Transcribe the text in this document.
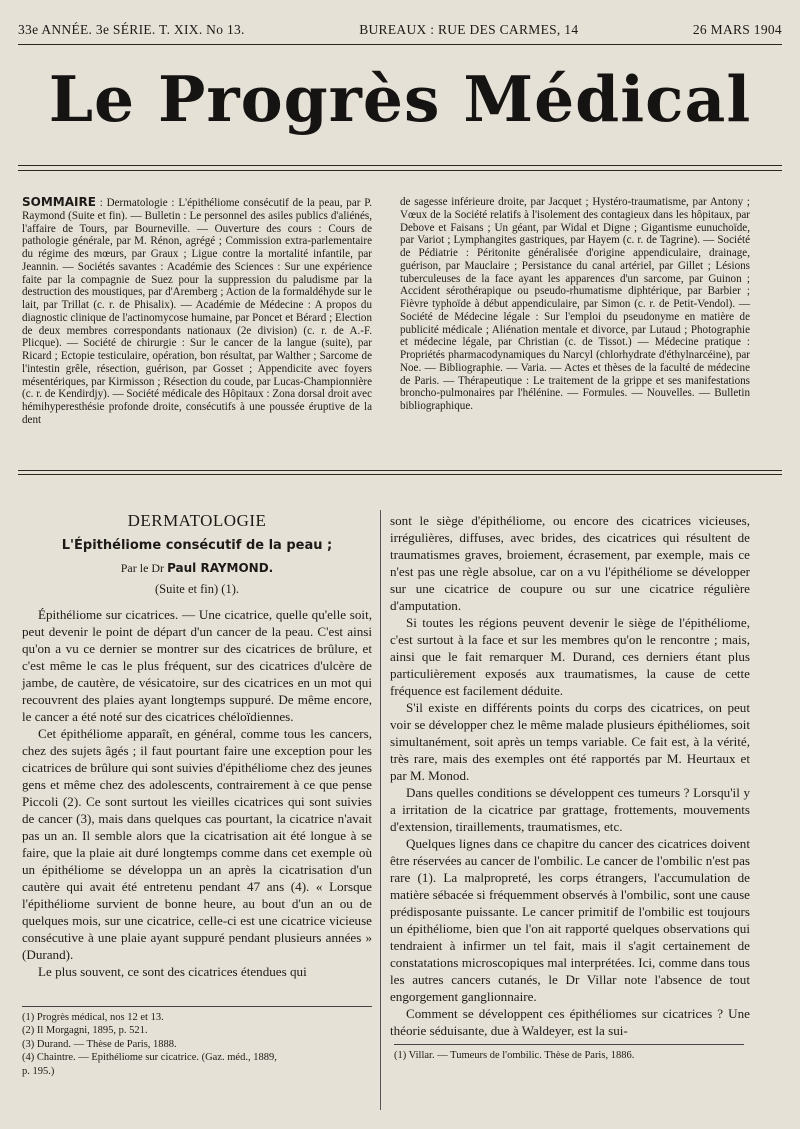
33e ANNÉE. 3e SÉRIE. T. XIX. No 13.	BUREAUX : RUE DES CARMES, 14	26 MARS 1904
Le Progrès Médical
SOMMAIRE : Dermatologie : L'épithéliome consécutif de la peau, par P. Raymond (Suite et fin). — Bulletin : Le personnel des asiles publics d'aliénés, l'affaire de Tours, par Bourneville. — Ouverture des cours : Cours de pathologie générale, par M. Rénon, agrégé ; Commission extra-parlementaire du régime des mœurs, par Graux ; Ligue contre la mortalité infantile, par Jeannin. — Sociétés savantes : Académie des Sciences : Sur une expérience faite par la compagnie de Suez pour la suppression du paludisme par la destruction des moustiques, par d'Aremberg ; Action de la formaldéhyde sur le lait, par Trillat (c. r. de Phisalix). — Académie de Médecine : A propos du diagnostic clinique de l'actinomycose humaine, par Poncet et Bérard ; Election de deux membres correspondants nationaux (2e division) (c. r. de A.-F. Plicque). — Société de chirurgie : Sur le cancer de la langue (suite), par Ricard ; Ectopie testiculaire, opération, bon résultat, par Walther ; Sarcome de l'intestin grêle, résection, guérison, par Gosset ; Appendicite avec foyers mésentériques, par Kirmisson ; Résection du coude, par Lucas-Championnière (c. r. de Kendirdjy). — Société médicale des Hôpitaux : Zona dorsal droit avec hémihyperesthésie profonde droite, consécutifs à une poussée éruptive de la dent
de sagesse inférieure droite, par Jacquet ; Hystéro-traumatisme, par Antony ; Vœux de la Société relatifs à l'isolement des contagieux dans les hôpitaux, par Debove et Faisans ; Un géant, par Widal et Digne ; Gigantisme eunuchoïde, par Variot ; Lymphangites gastriques, par Hayem (c. r. de Tagrine). — Société de Pédiatrie : Péritonite généralisée d'origine appendiculaire, drainage, guérison, par Mauclaire ; Persistance du canal artériel, par Gillet ; Lésions tuberculeuses de la face ayant les apparences d'un sarcome, par Guinon ; Accident sérothérapique ou pseudo-rhumatisme diphtérique, par Barbier ; Fièvre typhoïde à début appendiculaire, par Simon (c. r. de Petit-Vendol). — Société de Médecine légale : Sur l'emploi du pseudonyme en matière de publicité médicale ; Aliénation mentale et divorce, par Lutaud ; Photographie et médecine légale, par Christian (c. de Tissot.) — Médecine pratique : Propriétés pharmacodynamiques du Narcyl (chlorhydrate d'éthylnarcéine), par Noe. — Bibliographie. — Varia. — Actes et thèses de la faculté de médecine de Paris. — Thérapeutique : Le traitement de la grippe et ses manifestations broncho-pulmonaires par l'hélénine. — Formules. — Nouvelles. — Bulletin bibliographique.
DERMATOLOGIE
L'Épithéliome consécutif de la peau ;
Par le Dr Paul RAYMOND.
(Suite et fin) (1).

Épithéliome sur cicatrices. — Une cicatrice, quelle qu'elle soit, peut devenir le point de départ d'un cancer de la peau. C'est ainsi qu'on a vu ce dernier se montrer sur des cicatrices de brûlure, et c'est même le cas le plus fréquent, sur des cicatrices d'ulcère de jambe, de cautère, de vésicatoire, sur des cicatrices en un mot qui recouvrent des plaies ayant longtemps suppuré. De même encore, le cancer a été noté sur des cicatrices chéloïdiennes.

Cet épithéliome apparaît, en général, comme tous les cancers, chez des sujets âgés ; il faut pourtant faire une exception pour les cicatrices de brûlure qui sont suivies d'épithéliome chez des jeunes gens et même chez des adolescents, contrairement à ce que pense Piccoli (2). Ce sont surtout les vieilles cicatrices qui sont suivies de cancer (3), mais dans quelques cas pourtant, la cicatrice n'avait pas un an. Il semble alors que la cicatrisation ait été longue à se faire, que la plaie ait duré longtemps comme dans cet exemple où un épithéliome se développa un an après la cicatrisation d'un cautère qui avait été entretenu pendant 47 ans (4). « Lorsque l'épithéliome survient de bonne heure, au bout d'un an ou de quelques mois, sur une cicatrice, celle-ci est une cicatrice vicieuse consécutive à une plaie ayant suppuré pendant plusieurs années » (Durand).

Le plus souvent, ce sont des cicatrices étendues qui

sont le siège d'épithéliome, ou encore des cicatrices vicieuses, irrégulières, diffuses, avec brides, des cicatrices qui résultent de traumatismes graves, broiement, écrasement, par exemple, mais ce n'est pas une règle absolue, car on a vu l'épithéliome se développer sur une cicatrice de coupure ou sur une cicatrice régulière d'amputation.

Si toutes les régions peuvent devenir le siège de l'épithéliome, c'est surtout à la face et sur les membres qu'on le rencontre ; mais, ainsi que le fait remarquer M. Durand, ces derniers étant plus particulièrement exposés aux traumatismes, la cause de cette fréquence est facilement déduite.

S'il existe en différents points du corps des cicatrices, on peut voir se développer chez le même malade plusieurs épithéliomes, soit simultanément, soit après un temps variable. Ce fait est, à la vérité, très rare, mais des exemples ont été rapportés par M. Heurtaux et par M. Monod.

Dans quelles conditions se développent ces tumeurs ? Lorsqu'il y a irritation de la cicatrice par grattage, frottements, mouvements d'extension, tiraillements, traumatismes, etc.

Quelques lignes dans ce chapitre du cancer des cicatrices doivent être réservées au cancer de l'ombilic. Le cancer de l'ombilic n'est pas rare (1). La malpropreté, les corps étrangers, l'accumulation de matière sébacée si fréquemment observés à l'ombilic, sont une cause prédisposante puissante. Le cancer primitif de l'ombilic est toujours un épithéliome, bien que l'on ait rapporté quelques observations qui tendraient à infirmer un tel fait, mais il s'agit certainement de constatations microscopiques mal interprétées. Ici, comme dans tous les autres cancers cutanés, le Dr Villar note l'absence de tout engorgement ganglionnaire.

Comment se développent ces épithéliomes sur cicatrices ? Une théorie séduisante, due à Waldeyer, est la sui-

(1) Progrès médical, nos 12 et 13.
(2) Il Morgagni, 1895, p. 521.
(3) Durand. — Thèse de Paris, 1888.
(4) Chaintre. — Epithéliome sur cicatrice. (Gaz. méd., 1889,
p. 195.)
(1) Villar. — Tumeurs de l'ombilic. Thèse de Paris, 1886.
